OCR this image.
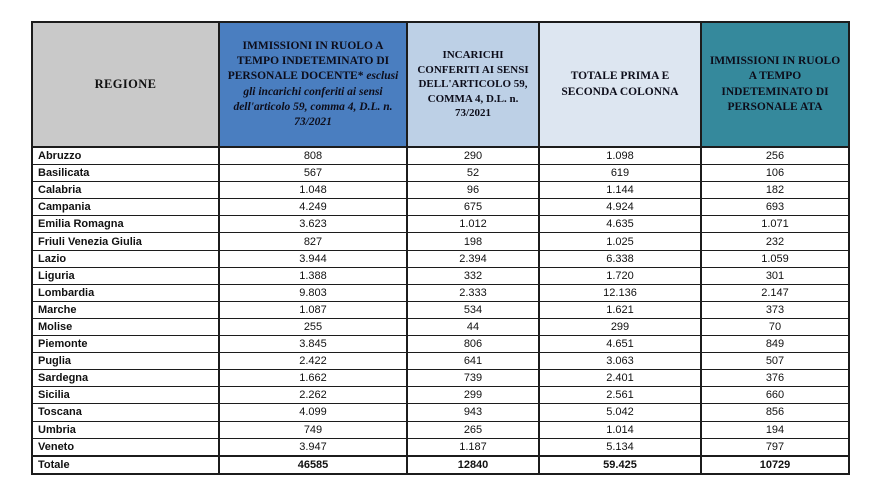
REGIONE	IMMISSIONI IN RUOLO A TEMPO INDETEMINATO DI PERSONALE DOCENTE* esclusi gli incarichi conferiti ai sensi dell'articolo 59, comma 4, D.L. n. 73/2021	INCARICHI CONFERITI AI SENSI DELL'ARTICOLO 59, COMMA 4, D.L. n. 73/2021	TOTALE PRIMA E SECONDA COLONNA	IMMISSIONI IN RUOLO A TEMPO INDETEMINATO DI PERSONALE ATA
Abruzzo	808	290	1.098	256
Basilicata	567	52	619	106
Calabria	1.048	96	1.144	182
Campania	4.249	675	4.924	693
Emilia Romagna	3.623	1.012	4.635	1.071
Friuli Venezia Giulia	827	198	1.025	232
Lazio	3.944	2.394	6.338	1.059
Liguria	1.388	332	1.720	301
Lombardia	9.803	2.333	12.136	2.147
Marche	1.087	534	1.621	373
Molise	255	44	299	70
Piemonte	3.845	806	4.651	849
Puglia	2.422	641	3.063	507
Sardegna	1.662	739	2.401	376
Sicilia	2.262	299	2.561	660
Toscana	4.099	943	5.042	856
Umbria	749	265	1.014	194
Veneto	3.947	1.187	5.134	797
Totale	46585	12840	59.425	10729
